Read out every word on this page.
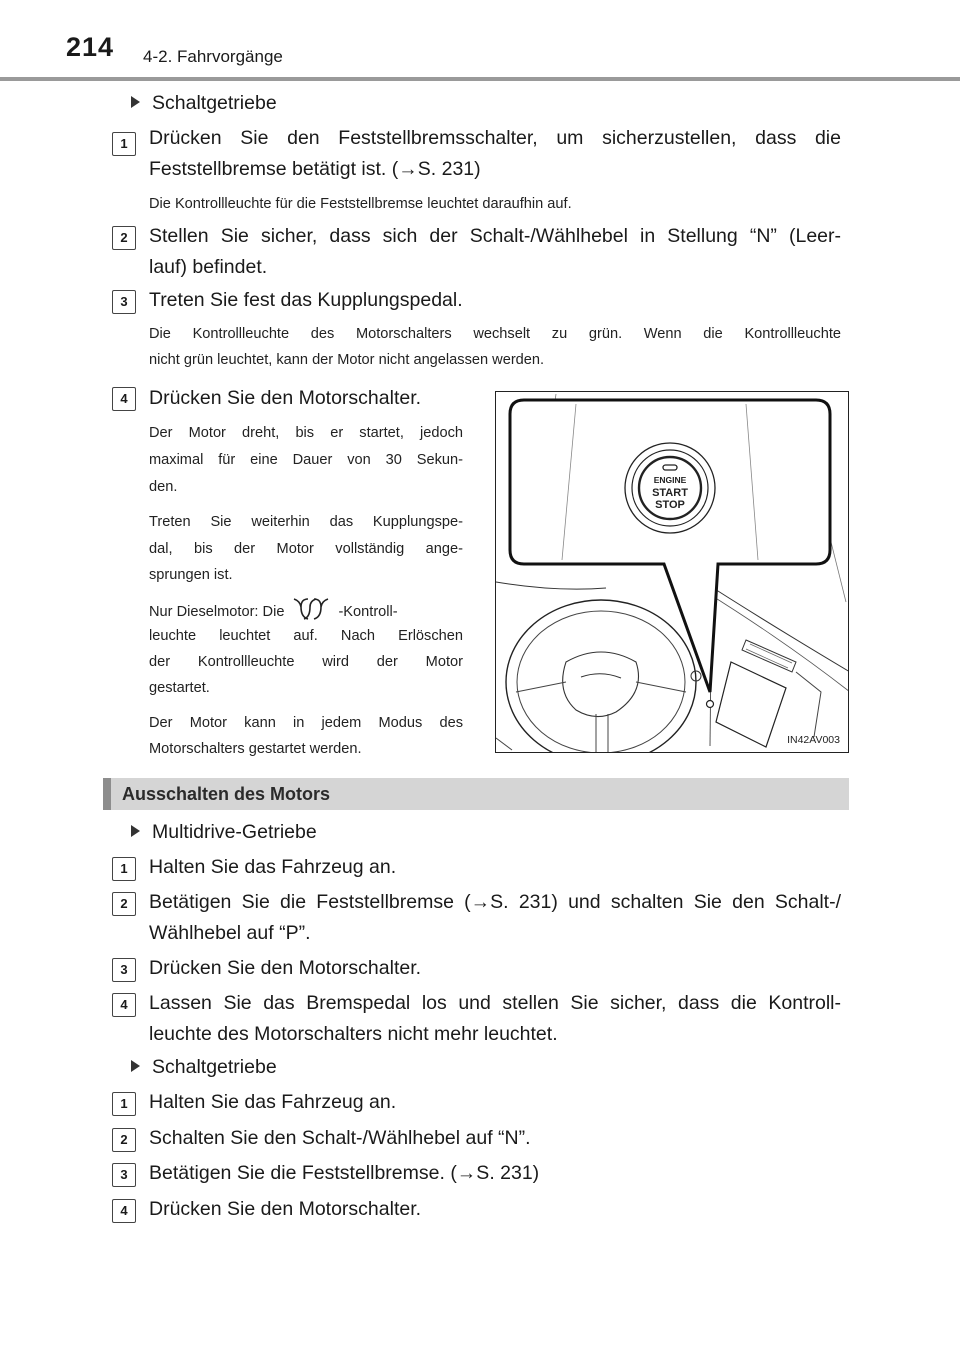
214 4-2. Fahrvorgänge
Schaltgetriebe
1	Drücken Sie den Feststellbremsschalter, um sicherzustellen, dass die
Feststellbremse betätigt ist. (→S. 231)
Die Kontrollleuchte für die Feststellbremse leuchtet daraufhin auf.
2	Stellen Sie sicher, dass sich der Schalt-/Wählhebel in Stellung “N” (Leer-
lauf) befindet.
3	Treten Sie fest das Kupplungspedal.
Die Kontrollleuchte des Motorschalters wechselt zu grün. Wenn die Kontrollleuchte
nicht grün leuchtet, kann der Motor nicht angelassen werden.
4	Drücken Sie den Motorschalter.
Der Motor dreht, bis er startet, jedoch
maximal für eine Dauer von 30 Sekun-
den.
Treten Sie weiterhin das Kupplungspe-
dal, bis der Motor vollständig ange-
sprungen ist.
Nur Dieselmotor: Die	-Kontroll-
leuchte leuchtet auf. Nach Erlöschen
der Kontrollleuchte wird der Motor
gestartet.
Der Motor kann in jedem Modus des
Motorschalters gestartet werden.
ENGINE
START
STOP
IN42AV003
Ausschalten des Motors
Multidrive-Getriebe
1	Halten Sie das Fahrzeug an.
2	Betätigen Sie die Feststellbremse (→S. 231) und schalten Sie den Schalt-/
Wählhebel auf “P”.
3	Drücken Sie den Motorschalter.
4	Lassen Sie das Bremspedal los und stellen Sie sicher, dass die Kontroll-
leuchte des Motorschalters nicht mehr leuchtet.
Schaltgetriebe
1	Halten Sie das Fahrzeug an.
2	Schalten Sie den Schalt-/Wählhebel auf “N”.
3	Betätigen Sie die Feststellbremse. (→S. 231)
4	Drücken Sie den Motorschalter.
